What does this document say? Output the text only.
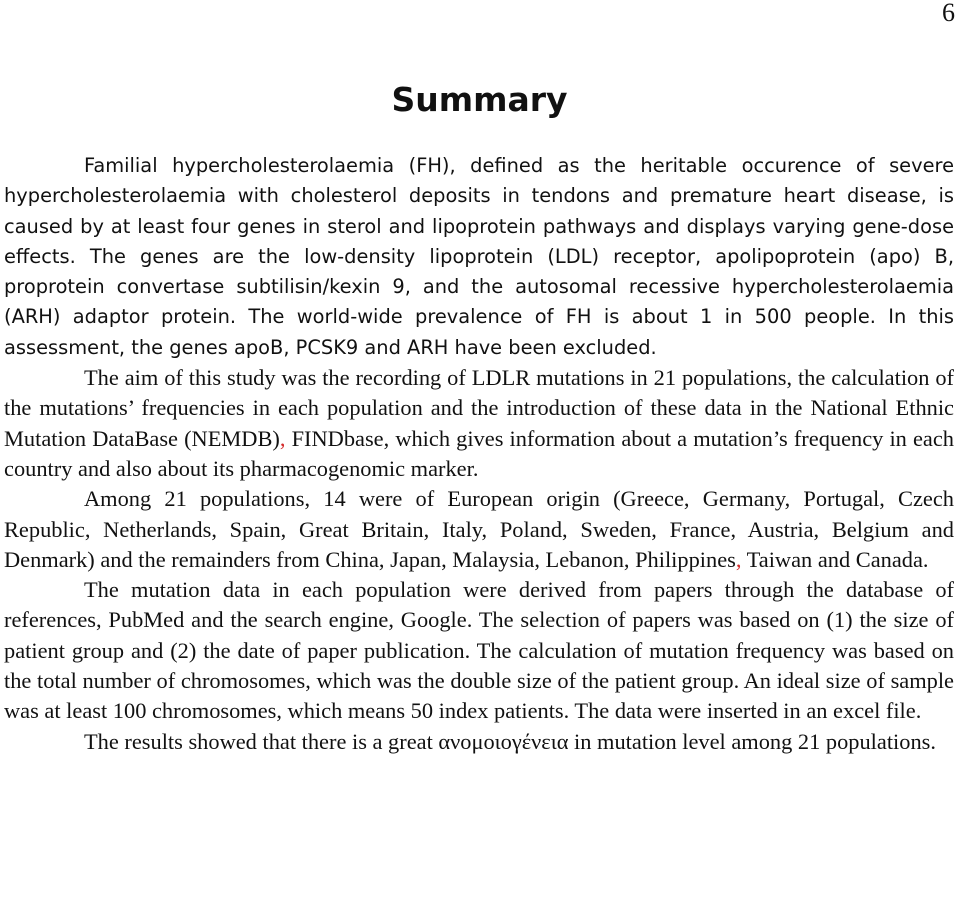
6
Summary

Familial hypercholesterolaemia (FH), defined as the heritable occurence of severe hypercholesterolaemia with cholesterol deposits in tendons and premature heart disease, is caused by at least four genes in sterol and lipoprotein pathways and displays varying gene-dose effects. The genes are the low-density lipoprotein (LDL) receptor, apolipoprotein (apo) B, proprotein convertase subtilisin/kexin 9, and the autosomal recessive hypercholesterolaemia (ARH) adaptor protein. The world-wide prevalence of FH is about 1 in 500 people. In this assessment, the genes apoB, PCSK9 and ARH have been excluded.

The aim of this study was the recording of LDLR mutations in 21 populations, the calculation of the mutations’ frequencies in each population and the introduction of these data in the National Ethnic Mutation DataBase (NEMDB), FINDbase, which gives information about a mutation’s frequency in each country and also about its pharmacogenomic marker.

Among 21 populations, 14 were of European origin (Greece, Germany, Portugal, Czech Republic, Netherlands, Spain, Great Britain, Italy, Poland, Sweden, France, Austria, Belgium and Denmark) and the remainders from China, Japan, Malaysia, Lebanon, Philippines, Taiwan and Canada.

The mutation data in each population were derived from papers through the database of references, PubMed and the search engine, Google. The selection of papers was based on (1) the size of patient group and (2) the date of paper publication. The calculation of mutation frequency was based on the total number of chromosomes, which was the double size of the patient group. An ideal size of sample was at least 100 chromosomes, which means 50 index patients. The data were inserted in an excel file.

The results showed that there is a great ανομοιογένεια in mutation level among 21 populations.
